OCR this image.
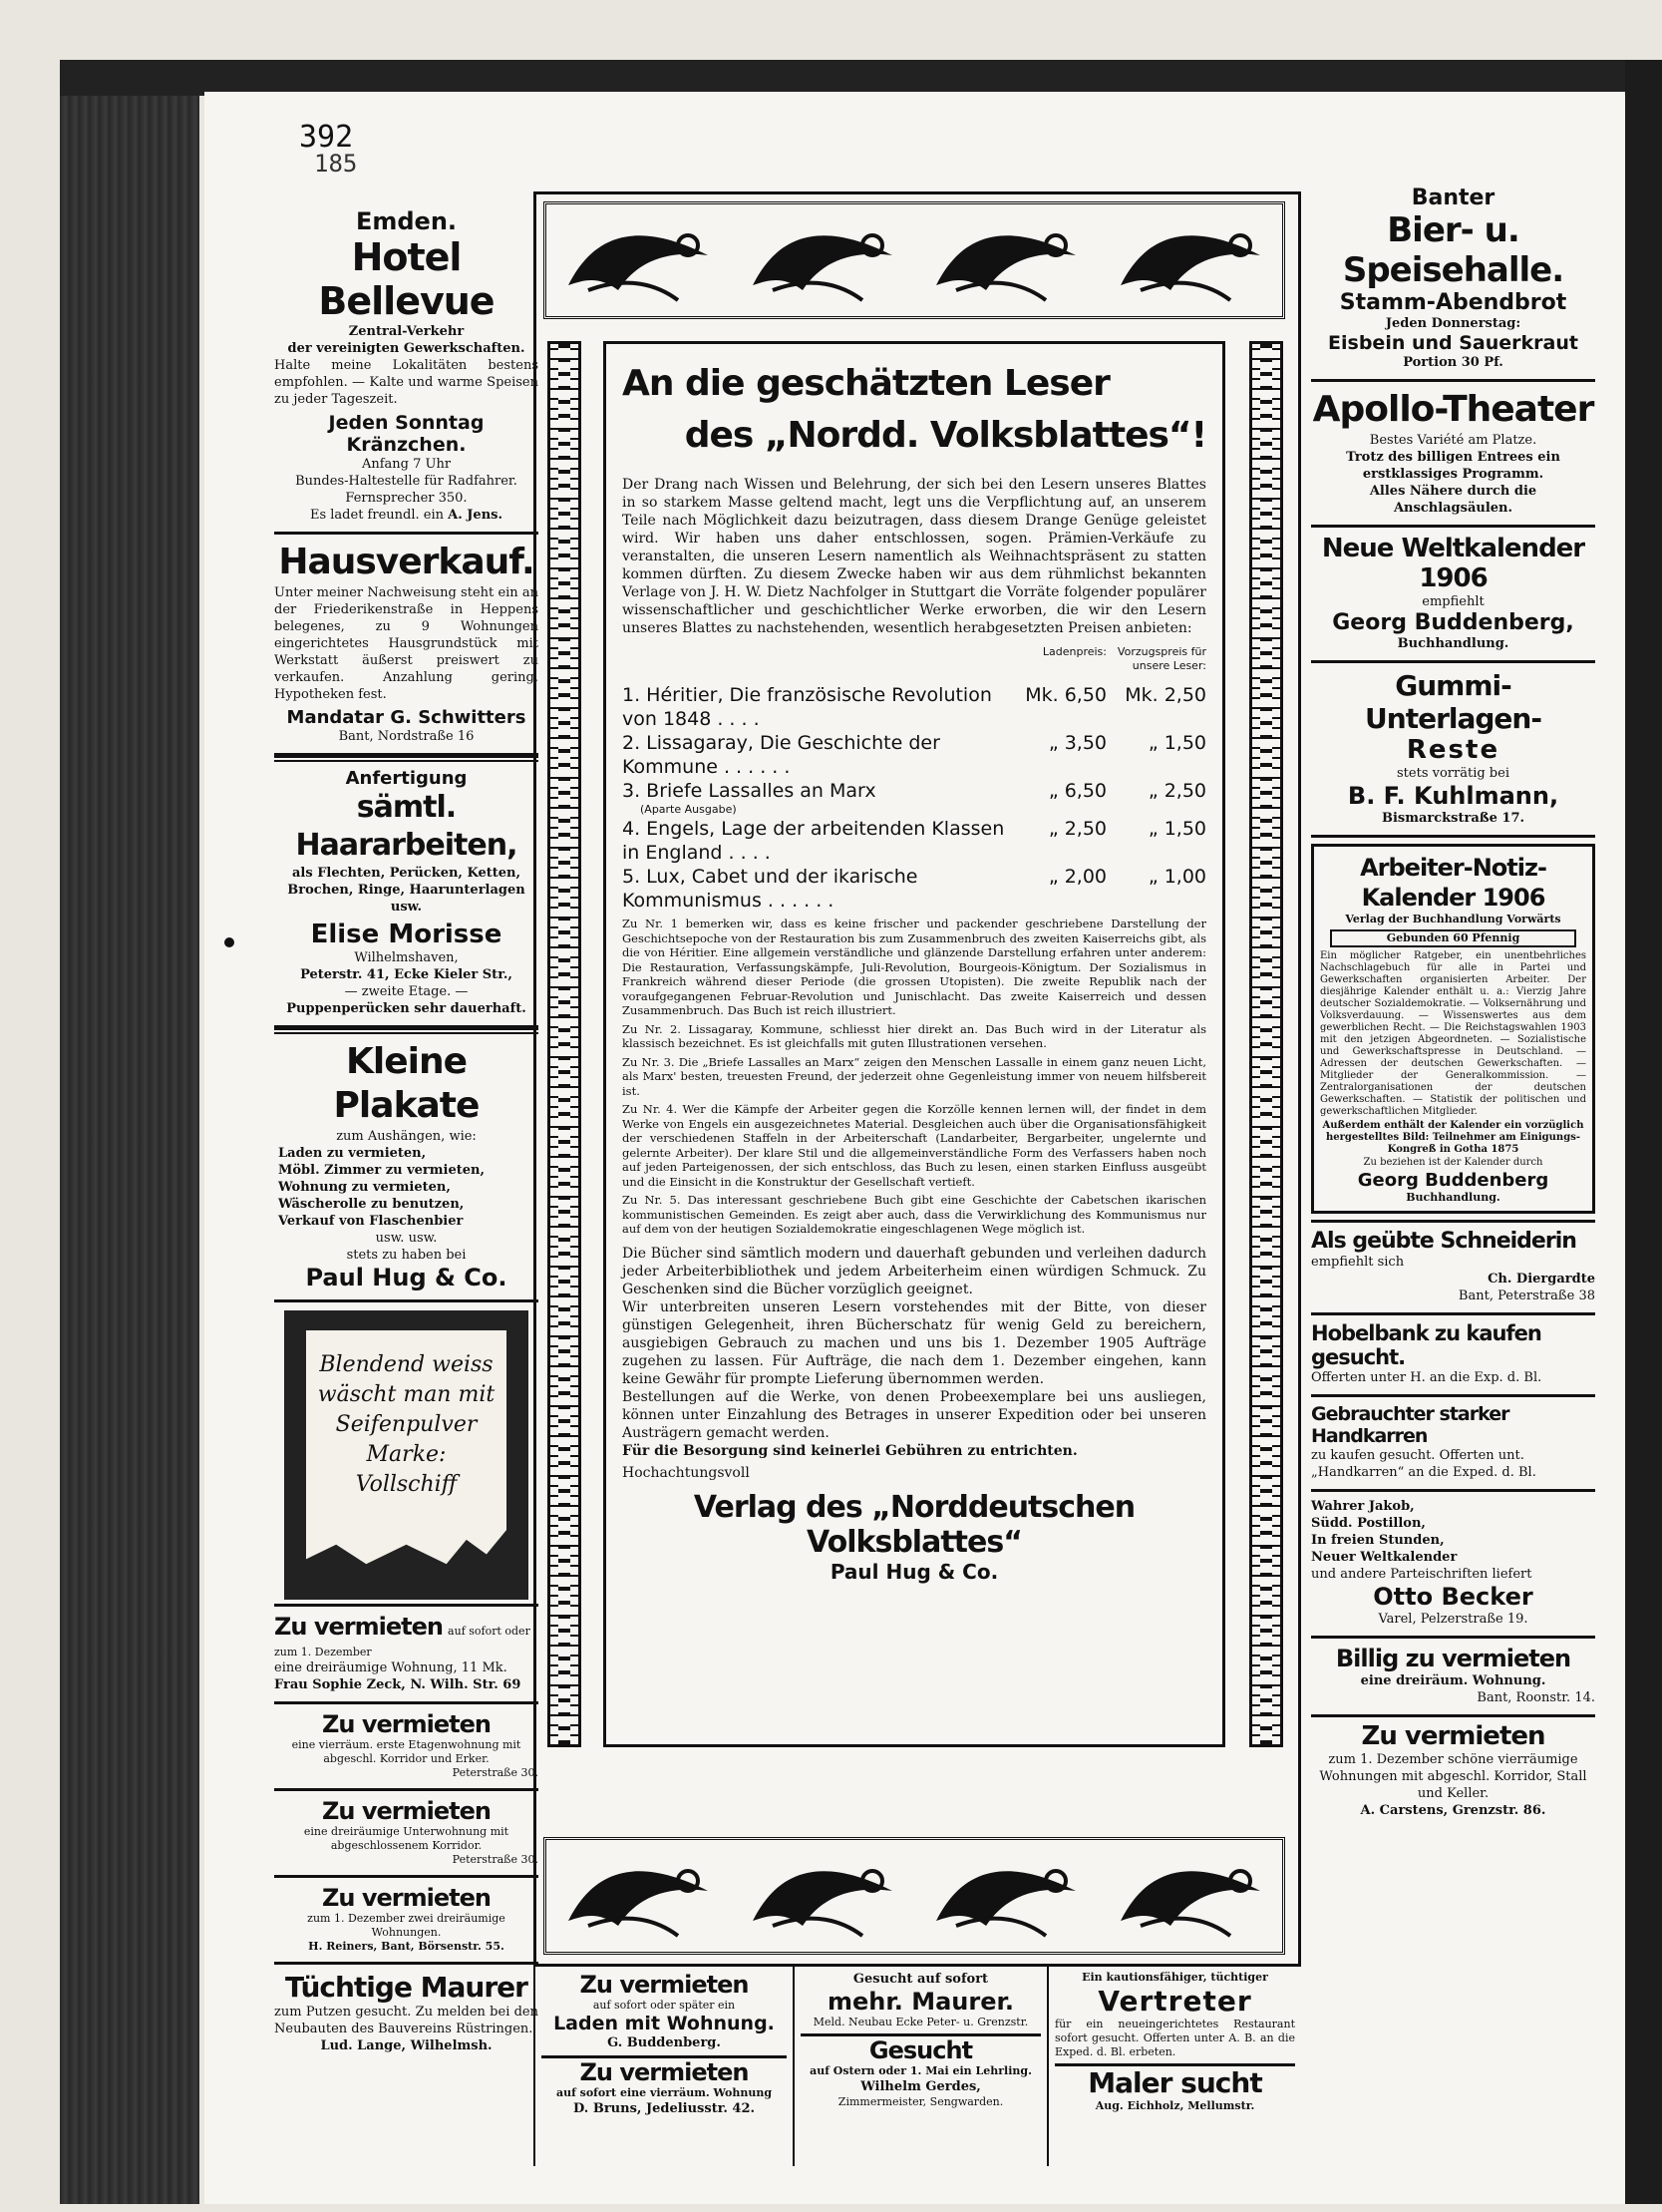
392
185
Emden.
Hotel Bellevue
Zentral-Verkehr
der vereinigten Gewerkschaften.
Halte meine Lokalitäten bestens empfohlen. — Kalte und warme Speisen zu jeder Tageszeit.
Jeden Sonntag Kränzchen.
Anfang 7 Uhr
Bundes-Haltestelle für Radfahrer.
Fernsprecher 350.
Es ladet freundl. ein A. Jens.
Hausverkauf.
Unter meiner Nachweisung steht ein an der Friederikenstraße in Heppens belegenes, zu 9 Wohnungen eingerichtetes Hausgrundstück mit Werkstatt äußerst preiswert zu verkaufen. Anzahlung gering, Hypotheken fest.
Mandatar G. Schwitters
Bant, Nordstraße 16
Anfertigung
sämtl. Haararbeiten,
als Flechten, Perücken, Ketten, Brochen, Ringe, Haarunterlagen usw.
Elise Morisse
Wilhelmshaven,
Peterstr. 41, Ecke Kieler Str.,
— zweite Etage. —
Puppenperücken sehr dauerhaft.
Kleine Plakate
zum Aushängen, wie:
Laden zu vermieten,
Möbl. Zimmer zu vermieten,
Wohnung zu vermieten,
Wäscherolle zu benutzen,
Verkauf von Flaschenbier
usw. usw.
stets zu haben bei
Paul Hug & Co.
Blendend weiss wäscht man mit Seifenpulver Marke: Vollschiff
Zu vermieten auf sofort oder zum 1. Dezember
eine dreiräumige Wohnung, 11 Mk.
Frau Sophie Zeck, N. Wilh. Str. 69
Zu vermieten
eine vierräum. erste Etagenwohnung mit abgeschl. Korridor und Erker.
Peterstraße 30.
Zu vermieten
eine dreiräumige Unterwohnung mit abgeschlossenem Korridor.
Peterstraße 30.
Zu vermieten
zum 1. Dezember zwei dreiräumige Wohnungen.
H. Reiners, Bant, Börsenstr. 55.
Tüchtige Maurer
zum Putzen gesucht. Zu melden bei den Neubauten des Bauvereins Rüstringen.
Lud. Lange, Wilhelmsh.
An die geschätzten Leser
des „Nordd. Volksblattes“!
Der Drang nach Wissen und Belehrung, der sich bei den Lesern unseres Blattes in so starkem Masse geltend macht, legt uns die Verpflichtung auf, an unserem Teile nach Möglichkeit dazu beizutragen, dass diesem Drange Genüge geleistet wird. Wir haben uns daher entschlossen, sogen. Prämien-Verkäufe zu veranstalten, die unseren Lesern namentlich als Weihnachtspräsent zu statten kommen dürften. Zu diesem Zwecke haben wir aus dem rühmlichst bekannten Verlage von J. H. W. Dietz Nachfolger in Stuttgart die Vorräte folgender populärer wissenschaftlicher und geschichtlicher Werke erworben, die wir den Lesern unseres Blattes zu nachstehenden, wesentlich herabgesetzten Preisen anbieten:
Ladenpreis: Vorzugspreis für unsere Leser:
1. Héritier, Die französische Revolution von 1848 . . . .
Mk. 6,50 Mk. 2,50
2. Lissagaray, Die Geschichte der Kommune . . . . . .
„ 3,50	„ 1,50
3. Briefe Lassalles an Marx	„ 6,50	„ 2,50
(Aparte Ausgabe)
4. Engels, Lage der arbeitenden Klassen in England . . . .
„ 2,50	„ 1,50
5. Lux, Cabet und der ikarische Kommunismus . . . . . .
„ 2,00	„ 1,00
Zu Nr. 1 bemerken wir, dass es keine frischer und packender geschriebene Darstellung der Geschichtsepoche von der Restauration bis zum Zusammenbruch des zweiten Kaiserreichs gibt, als die von Héritier. Eine allgemein verständliche und glänzende Darstellung erfahren unter anderem: Die Restauration, Verfassungskämpfe, Juli-Revolution, Bourgeois-Königtum. Der Sozialismus in Frankreich während dieser Periode (die grossen Utopisten). Die zweite Republik nach der voraufgegangenen Februar-Revolution und Junischlacht. Das zweite Kaiserreich und dessen Zusammenbruch. Das Buch ist reich illustriert.
Zu Nr. 2. Lissagaray, Kommune, schliesst hier direkt an. Das Buch wird in der Literatur als klassisch bezeichnet. Es ist gleichfalls mit guten Illustrationen versehen.
Zu Nr. 3. Die „Briefe Lassalles an Marx“ zeigen den Menschen Lassalle in einem ganz neuen Licht, als Marx' besten, treuesten Freund, der jederzeit ohne Gegenleistung immer von neuem hilfsbereit ist.
Zu Nr. 4. Wer die Kämpfe der Arbeiter gegen die Korzölle kennen lernen will, der findet in dem Werke von Engels ein ausgezeichnetes Material. Desgleichen auch über die Organisationsfähigkeit der verschiedenen Staffeln in der Arbeiterschaft (Landarbeiter, Bergarbeiter, ungelernte und gelernte Arbeiter). Der klare Stil und die allgemeinverständliche Form des Verfassers haben noch auf jeden Parteigenossen, der sich entschloss, das Buch zu lesen, einen starken Einfluss ausgeübt und die Einsicht in die Konstruktur der Gesellschaft vertieft.
Zu Nr. 5. Das interessant geschriebene Buch gibt eine Geschichte der Cabetschen ikarischen kommunistischen Gemeinden. Es zeigt aber auch, dass die Verwirklichung des Kommunismus nur auf dem von der heutigen Sozialdemokratie eingeschlagenen Wege möglich ist.
Die Bücher sind sämtlich modern und dauerhaft gebunden und verleihen dadurch jeder Arbeiterbibliothek und jedem Arbeiterheim einen würdigen Schmuck. Zu Geschenken sind die Bücher vorzüglich geeignet.
Wir unterbreiten unseren Lesern vorstehendes mit der Bitte, von dieser günstigen Gelegenheit, ihren Bücherschatz für wenig Geld zu bereichern, ausgiebigen Gebrauch zu machen und uns bis 1. Dezember 1905 Aufträge zugehen zu lassen. Für Aufträge, die nach dem 1. Dezember eingehen, kann keine Gewähr für prompte Lieferung übernommen werden.
Bestellungen auf die Werke, von denen Probeexemplare bei uns ausliegen, können unter Einzahlung des Betrages in unserer Expedition oder bei unseren Austrägern gemacht werden.
Für die Besorgung sind keinerlei Gebühren zu entrichten.
Hochachtungsvoll
Verlag des „Norddeutschen Volksblattes“
Paul Hug & Co.
Zu vermieten
auf sofort oder später ein
Laden mit Wohnung.
G. Buddenberg.
Zu vermieten
auf sofort eine vierräum. Wohnung
D. Bruns, Jedeliusstr. 42.
Gesucht auf sofort
mehr. Maurer.
Meld. Neubau Ecke Peter- u. Grenzstr.
Gesucht
auf Ostern oder 1. Mai ein Lehrling.
Wilhelm Gerdes,
Zimmermeister, Sengwarden.
Ein kautionsfähiger, tüchtiger
Vertreter
für ein neueingerichtetes Restaurant sofort gesucht. Offerten unter A. B. an die Exped. d. Bl. erbeten.
Maler sucht
Aug. Eichholz, Mellumstr.
Banter
Bier- u. Speisehalle.
Stamm-Abendbrot
Jeden Donnerstag:
Eisbein und Sauerkraut
Portion 30 Pf.
Apollo-Theater
Bestes Variété am Platze.
Trotz des billigen Entrees ein erstklassiges Programm.
Alles Nähere durch die Anschlagsäulen.
Neue Weltkalender 1906
empfiehlt
Georg Buddenberg,
Buchhandlung.
Gummi-Unterlagen-
Reste
stets vorrätig bei
B. F. Kuhlmann,
Bismarckstraße 17.
Arbeiter-Notiz-Kalender 1906
Verlag der Buchhandlung Vorwärts
Gebunden 60 Pfennig
Ein möglicher Ratgeber, ein unentbehrliches Nachschlagebuch für alle in Partei und Gewerkschaften organisierten Arbeiter. Der diesjährige Kalender enthält u. a.: Vierzig Jahre deutscher Sozialdemokratie. — Volksernährung und Volksverdauung. — Wissenswertes aus dem gewerblichen Recht. — Die Reichstagswahlen 1903 mit den jetzigen Abgeordneten. — Sozialistische und Gewerkschaftspresse in Deutschland. — Adressen der deutschen Gewerkschaften. — Mitglieder der Generalkommission. — Zentralorganisationen der deutschen Gewerkschaften. — Statistik der politischen und gewerkschaftlichen Mitglieder.
Außerdem enthält der Kalender ein vorzüglich hergestelltes Bild: Teilnehmer am Einigungs-Kongreß in Gotha 1875
Zu beziehen ist der Kalender durch
Georg Buddenberg
Buchhandlung.
Als geübte Schneiderin
empfiehlt sich
Ch. Diergardte
Bant, Peterstraße 38
Hobelbank zu kaufen gesucht.
Offerten unter H. an die Exp. d. Bl.
Gebrauchter starker Handkarren
zu kaufen gesucht. Offerten unt. „Handkarren“ an die Exped. d. Bl.
Wahrer Jakob,
Südd. Postillon,
In freien Stunden,
Neuer Weltkalender
und andere Parteischriften liefert
Otto Becker
Varel, Pelzerstraße 19.
Billig zu vermieten
eine dreiräum. Wohnung.
Bant, Roonstr. 14.
Zu vermieten
zum 1. Dezember schöne vierräumige Wohnungen mit abgeschl. Korridor, Stall und Keller.
A. Carstens, Grenzstr. 86.
